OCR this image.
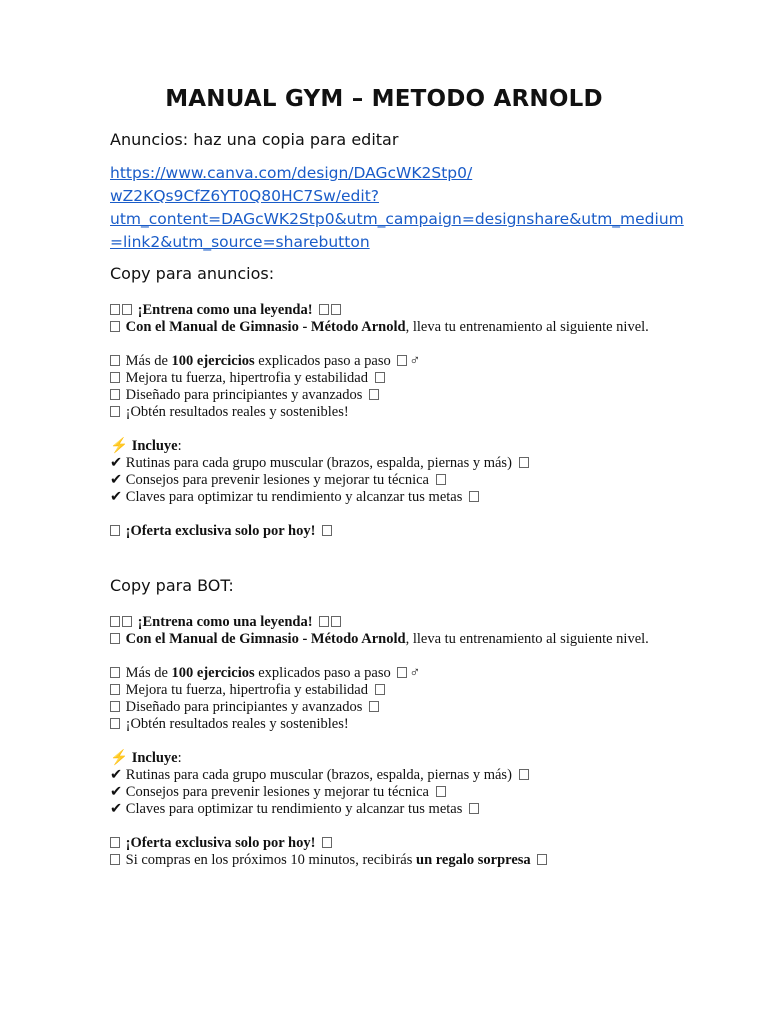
MANUAL GYM – METODO ARNOLD
Anuncios: haz una copia para editar
https://www.canva.com/design/DAGcWK2Stp0/
wZ2KQs9CfZ6YT0Q80HC7Sw/edit?
utm_content=DAGcWK2Stp0&utm_campaign=designshare&utm_medium
=link2&utm_source=sharebutton
Copy para anuncios:
¡Entrena como una leyenda!
Con el Manual de Gimnasio - Método Arnold, lleva tu entrenamiento al siguiente nivel.
Más de 100 ejercicios explicados paso a paso ♂
Mejora tu fuerza, hipertrofia y estabilidad
Diseñado para principiantes y avanzados
¡Obtén resultados reales y sostenibles!
⚡ Incluye:
✔ Rutinas para cada grupo muscular (brazos, espalda, piernas y más)
✔ Consejos para prevenir lesiones y mejorar tu técnica
✔ Claves para optimizar tu rendimiento y alcanzar tus metas
¡Oferta exclusiva solo por hoy!
Copy para BOT:
¡Entrena como una leyenda!
Con el Manual de Gimnasio - Método Arnold, lleva tu entrenamiento al siguiente nivel.
Más de 100 ejercicios explicados paso a paso ♂
Mejora tu fuerza, hipertrofia y estabilidad
Diseñado para principiantes y avanzados
¡Obtén resultados reales y sostenibles!
⚡ Incluye:
✔ Rutinas para cada grupo muscular (brazos, espalda, piernas y más)
✔ Consejos para prevenir lesiones y mejorar tu técnica
✔ Claves para optimizar tu rendimiento y alcanzar tus metas
¡Oferta exclusiva solo por hoy!
Si compras en los próximos 10 minutos, recibirás un regalo sorpresa
